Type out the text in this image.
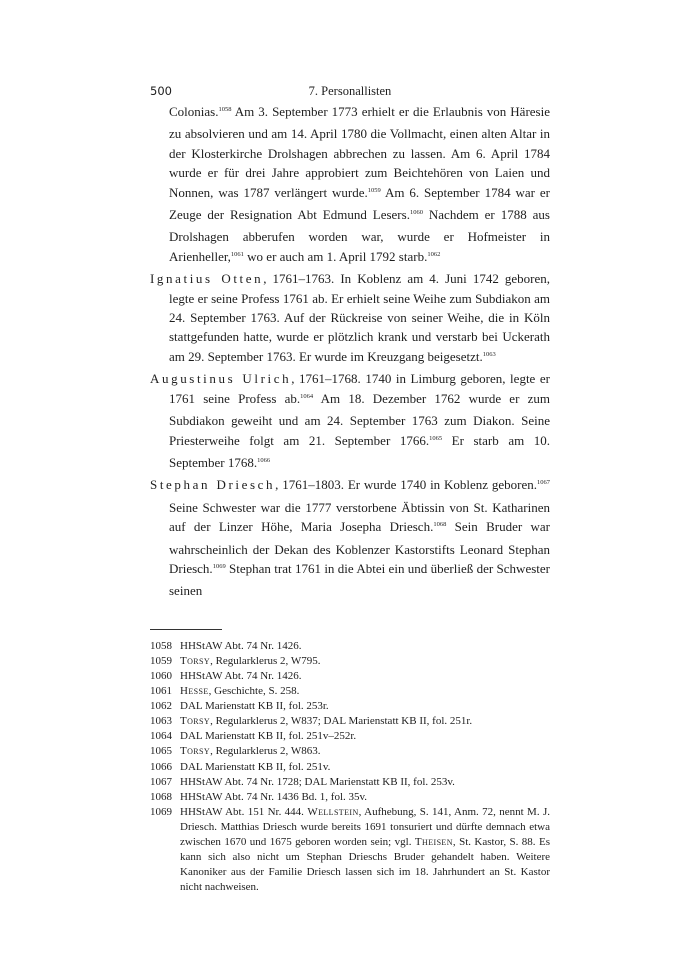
500	7. Personallisten

Colonias.$^{1058}$ Am 3. September 1773 erhielt er die Erlaubnis von Häresie zu absolvieren und am 14. April 1780 die Vollmacht, einen alten Altar in der Klosterkirche Drolshagen abbrechen zu lassen. Am 6. April 1784 wurde er für drei Jahre approbiert zum Beichtehören von Laien und Nonnen, was 1787 verlängert wurde.$^{1059}$ Am 6. September 1784 war er Zeuge der Resignation Abt Edmund Lesers.$^{1060}$ Nachdem er 1788 aus Drolshagen abberufen worden war, wurde er Hofmeister in Arienheller,$^{1061}$ wo er auch am 1. April 1792 starb.$^{1062}$

Ignatius Otten, 1761–1763. In Koblenz am 4. Juni 1742 geboren, legte er seine Profess 1761 ab. Er erhielt seine Weihe zum Subdiakon am 24. September 1763. Auf der Rückreise von seiner Weihe, die in Köln stattgefunden hatte, wurde er plötzlich krank und verstarb bei Uckerath am 29. September 1763. Er wurde im Kreuzgang beigesetzt.$^{1063}$

Augustinus Ulrich, 1761–1768. 1740 in Limburg geboren, legte er 1761 seine Profess ab.$^{1064}$ Am 18. Dezember 1762 wurde er zum Subdiakon geweiht und am 24. September 1763 zum Diakon. Seine Priesterweihe folgt am 21. September 1766.$^{1065}$ Er starb am 10. September 1768.$^{1066}$

Stephan Driesch, 1761–1803. Er wurde 1740 in Koblenz geboren.$^{1067}$ Seine Schwester war die 1777 verstorbene Äbtissin von St. Katharinen auf der Linzer Höhe, Maria Josepha Driesch.$^{1068}$ Sein Bruder war wahrscheinlich der Dekan des Koblenzer Kastorstifts Leonard Stephan Driesch.$^{1069}$ Stephan trat 1761 in die Abtei ein und überließ der Schwester seinen

1058 HHStAW Abt. 74 Nr. 1426.
1059 Torsy, Regularklerus 2, W795.
1060 HHStAW Abt. 74 Nr. 1426.
1061 Hesse, Geschichte, S. 258.
1062 DAL Marienstatt KB II, fol. 253r.
1063 Torsy, Regularklerus 2, W837; DAL Marienstatt KB II, fol. 251r.
1064 DAL Marienstatt KB II, fol. 251v–252r.
1065 Torsy, Regularklerus 2, W863.
1066 DAL Marienstatt KB II, fol. 251v.
1067 HHStAW Abt. 74 Nr. 1728; DAL Marienstatt KB II, fol. 253v.
1068 HHStAW Abt. 74 Nr. 1436 Bd. 1, fol. 35v.
1069 HHStAW Abt. 151 Nr. 444. Wellstein, Aufhebung, S. 141, Anm. 72, nennt M. J. Driesch. Matthias Driesch wurde bereits 1691 tonsuriert und dürfte demnach etwa zwischen 1670 und 1675 geboren worden sein; vgl. Theisen, St. Kastor, S. 88. Es kann sich also nicht um Stephan Drieschs Bruder gehandelt haben. Weitere Kanoniker aus der Familie Driesch lassen sich im 18. Jahrhundert an St. Kastor nicht nachweisen.
